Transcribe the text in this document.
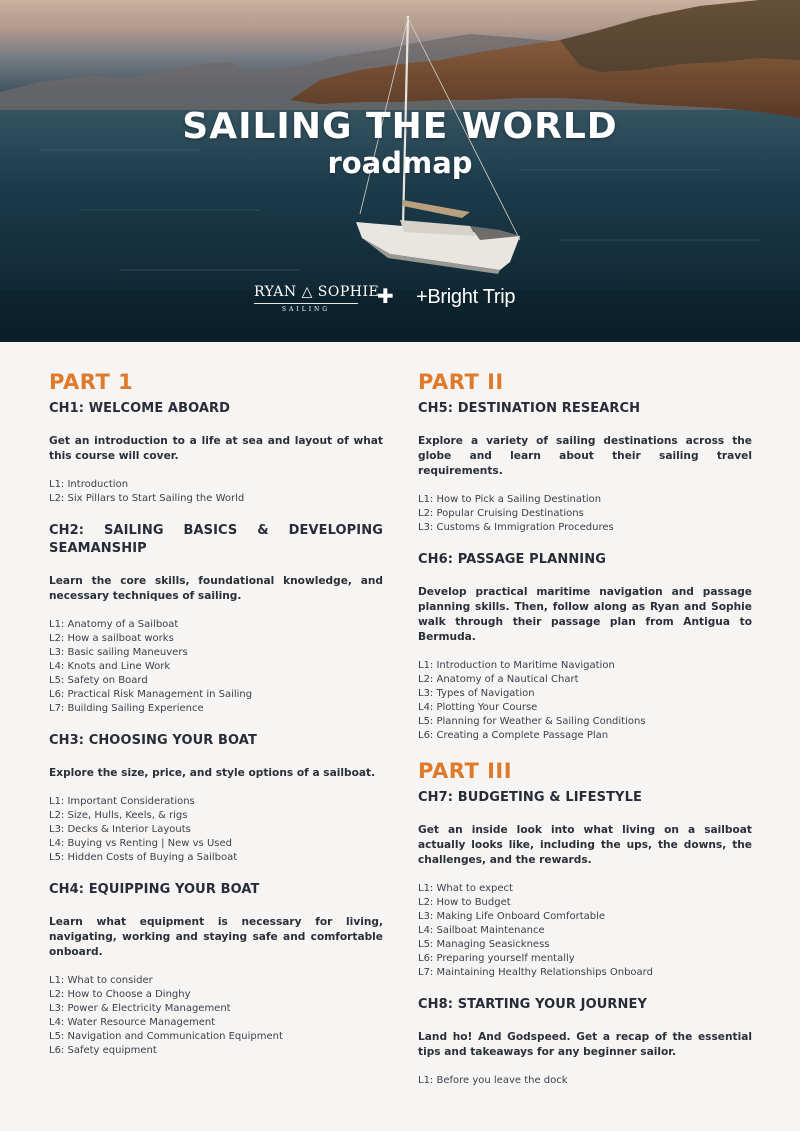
SAILING THE WORLD
roadmap
RYAN △ SOPHIE
SAILING
✚ +Bright Trip
PART 1
CH1: WELCOME ABOARD
Get an introduction to a life at sea and layout of what this course will cover.
L1: Introduction
L2: Six Pillars to Start Sailing the World
CH2: SAILING BASICS & DEVELOPING SEAMANSHIP
Learn the core skills, foundational knowledge, and necessary techniques of sailing.
L1: Anatomy of a Sailboat
L2: How a sailboat works
L3: Basic sailing Maneuvers
L4: Knots and Line Work
L5: Safety on Board
L6: Practical Risk Management in Sailing
L7: Building Sailing Experience
CH3: CHOOSING YOUR BOAT
Explore the size, price, and style options of a sailboat.
L1: Important Considerations
L2: Size, Hulls, Keels, & rigs
L3: Decks & Interior Layouts
L4: Buying vs Renting | New vs Used
L5: Hidden Costs of Buying a Sailboat
CH4: EQUIPPING YOUR BOAT
Learn what equipment is necessary for living, navigating, working and staying safe and comfortable onboard.
L1: What to consider
L2: How to Choose a Dinghy
L3: Power & Electricity Management
L4: Water Resource Management
L5: Navigation and Communication Equipment
L6: Safety equipment
PART II
CH5: DESTINATION RESEARCH
Explore a variety of sailing destinations across the globe and learn about their sailing travel requirements.
L1: How to Pick a Sailing Destination
L2: Popular Cruising Destinations
L3: Customs & Immigration Procedures
CH6: PASSAGE PLANNING
Develop practical maritime navigation and passage planning skills. Then, follow along as Ryan and Sophie walk through their passage plan from Antigua to Bermuda.
L1: Introduction to Maritime Navigation
L2: Anatomy of a Nautical Chart
L3: Types of Navigation
L4: Plotting Your Course
L5: Planning for Weather & Sailing Conditions
L6: Creating a Complete Passage Plan
PART III
CH7: BUDGETING & LIFESTYLE
Get an inside look into what living on a sailboat actually looks like, including the ups, the downs, the challenges, and the rewards.
L1: What to expect
L2: How to Budget
L3: Making Life Onboard Comfortable
L4: Sailboat Maintenance
L5: Managing Seasickness
L6: Preparing yourself mentally
L7: Maintaining Healthy Relationships Onboard
CH8: STARTING YOUR JOURNEY
Land ho! And Godspeed. Get a recap of the essential tips and takeaways for any beginner sailor.
L1: Before you leave the dock
